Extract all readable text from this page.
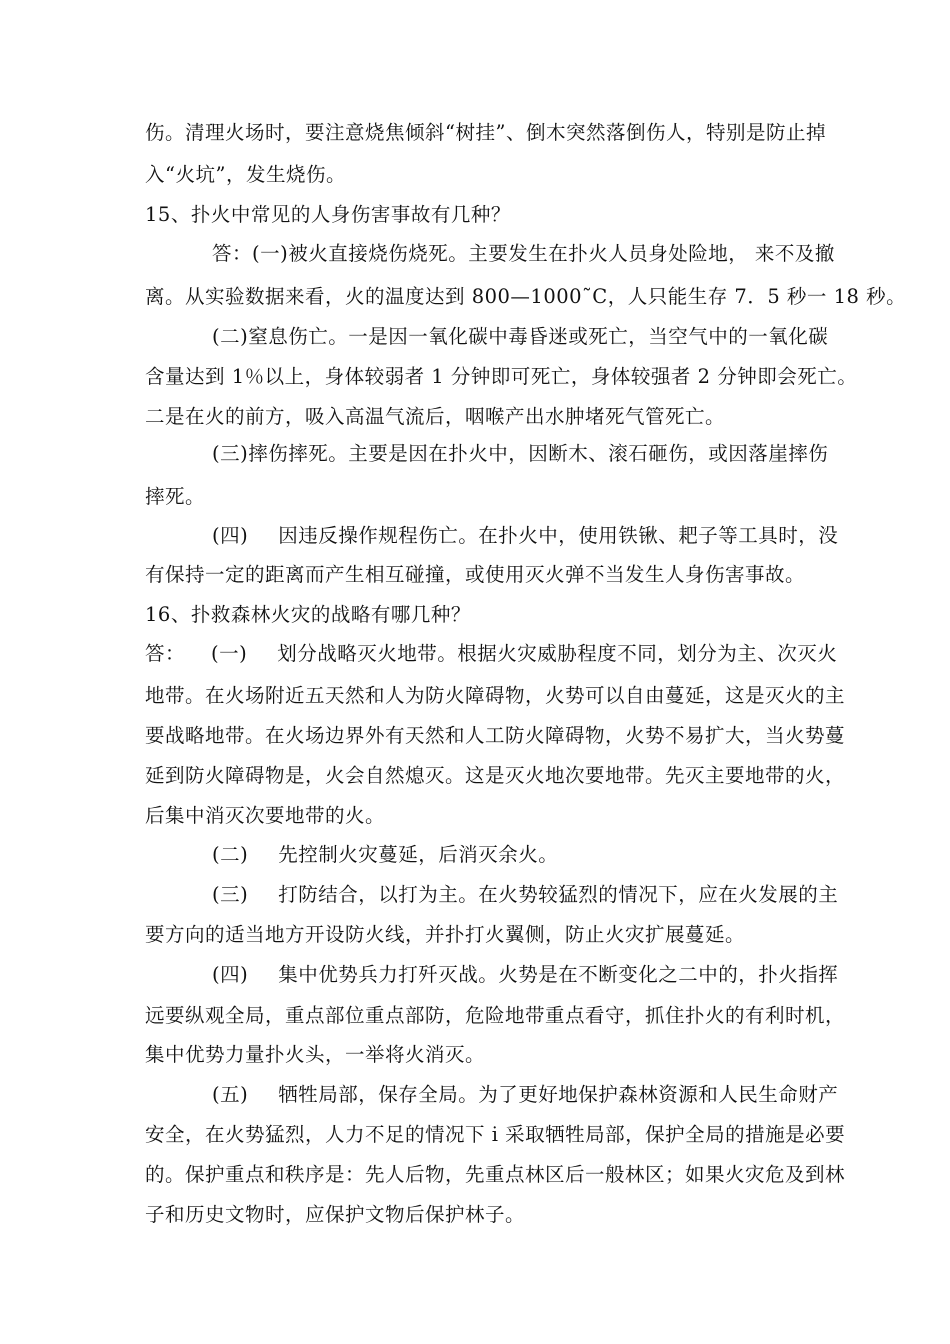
伤。清理火场时，要注意烧焦倾斜“树挂”、倒木突然落倒伤人，特别是防止掉
入“火坑”，发生烧伤。
15、扑火中常见的人身伤害事故有几种？
答：(一)被火直接烧伤烧死。主要发生在扑火人员身处险地， 来不及撤
离。从实验数据来看，火的温度达到 800—1000˜C，人只能生存 7．5 秒一 18 秒。
(二)窒息伤亡。一是因一氧化碳中毒昏迷或死亡，当空气中的一氧化碳
含量达到 1％以上，身体较弱者 1 分钟即可死亡，身体较强者 2 分钟即会死亡。
二是在火的前方，吸入高温气流后，咽喉产出水肿堵死气管死亡。
(三)摔伤摔死。主要是因在扑火中，因断木、滚石砸伤，或因落崖摔伤
摔死。
(四) 因违反操作规程伤亡。在扑火中，使用铁锹、耙子等工具时，没
有保持一定的距离而产生相互碰撞，或使用灭火弹不当发生人身伤害事故。
16、扑救森林火灾的战略有哪几种？
答： (一) 划分战略灭火地带。根据火灾威胁程度不同，划分为主、次灭火
地带。在火场附近五天然和人为防火障碍物，火势可以自由蔓延，这是灭火的主
要战略地带。在火场边界外有天然和人工防火障碍物，火势不易扩大，当火势蔓
延到防火障碍物是，火会自然熄灭。这是灭火地次要地带。先灭主要地带的火，
后集中消灭次要地带的火。
(二) 先控制火灾蔓延，后消灭余火。
(三) 打防结合，以打为主。在火势较猛烈的情况下，应在火发展的主
要方向的适当地方开设防火线，并扑打火翼侧，防止火灾扩展蔓延。
(四) 集中优势兵力打歼灭战。火势是在不断变化之二中的，扑火指挥
远要纵观全局，重点部位重点部防，危险地带重点看守，抓住扑火的有利时机，
集中优势力量扑火头，一举将火消灭。
(五) 牺牲局部，保存全局。为了更好地保护森林资源和人民生命财产
安全，在火势猛烈，人力不足的情况下 i 采取牺牲局部，保护全局的措施是必要
的。保护重点和秩序是：先人后物，先重点林区后一般林区；如果火灾危及到林
子和历史文物时，应保护文物后保护林子。
